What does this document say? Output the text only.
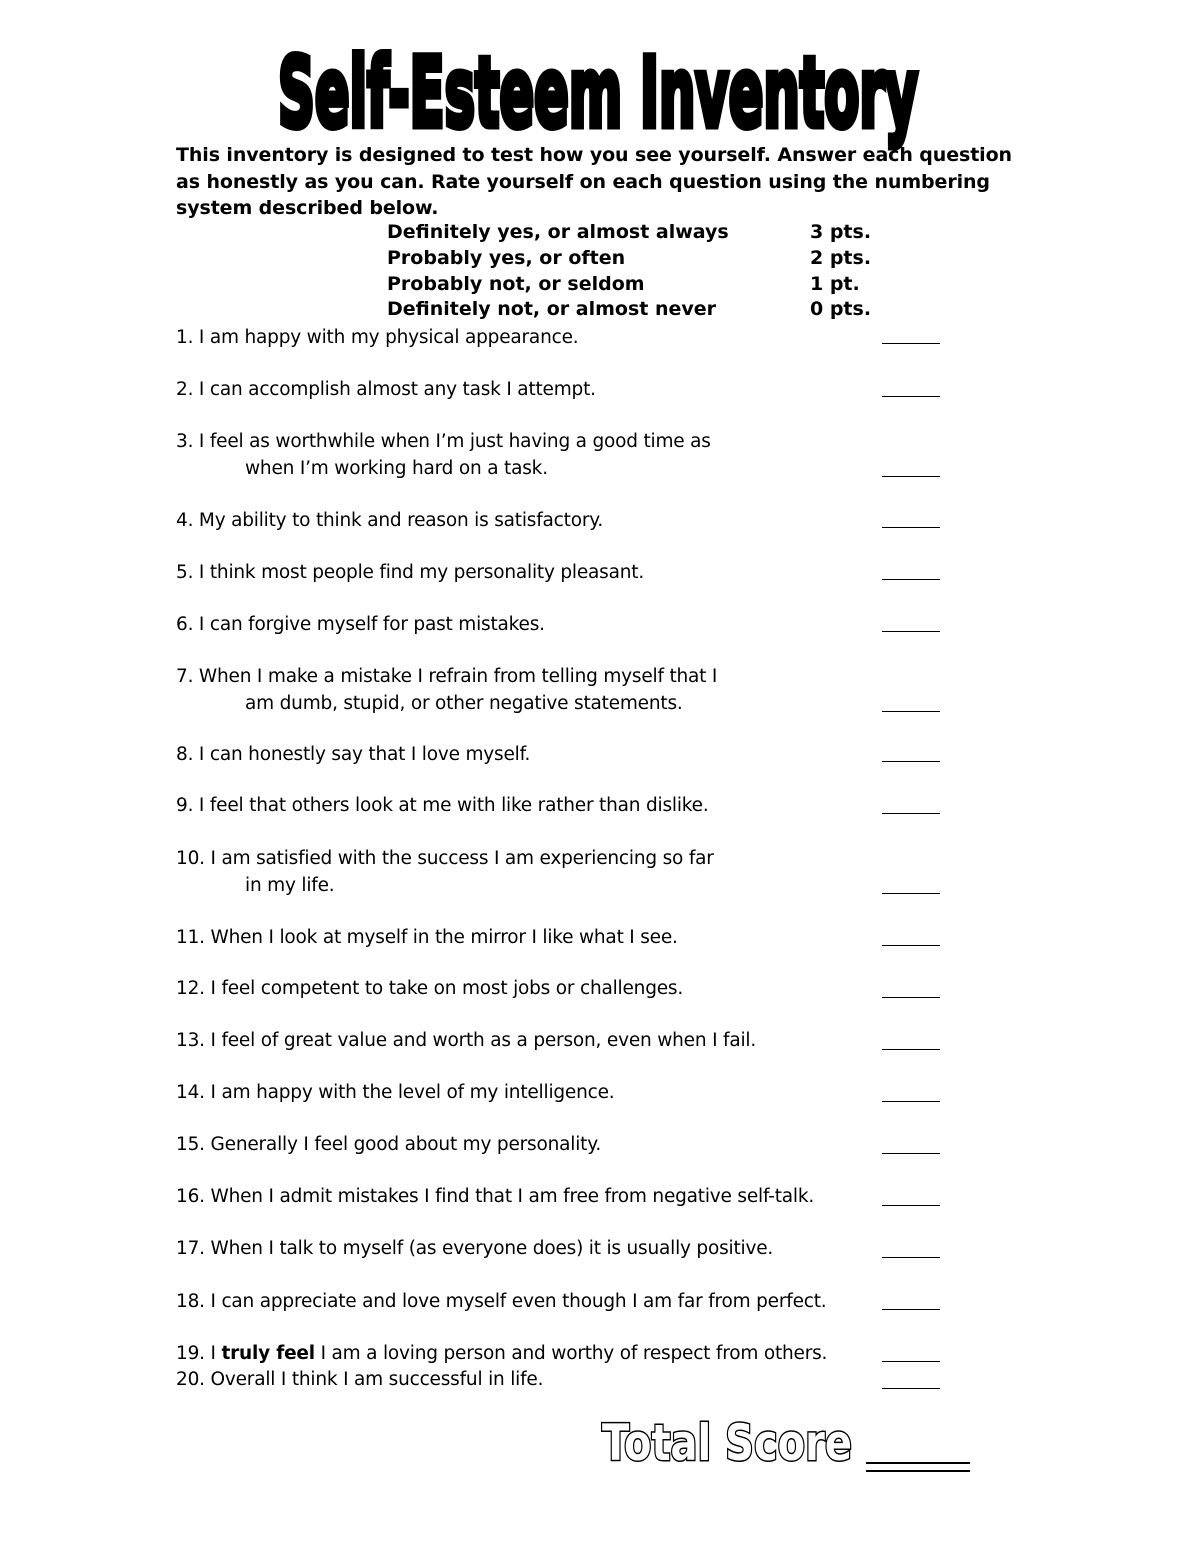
Self-Esteem Inventory
This inventory is designed to test how you see yourself. Answer each question as honestly as you can. Rate yourself on each question using the numbering system described below.
Definitely yes, or almost always	3 pts.
Probably yes, or often	2 pts.
Probably not, or seldom	1 pt.
Definitely not, or almost never	0 pts.
1. I am happy with my physical appearance.
2. I can accomplish almost any task I attempt.
3. I feel as worthwhile when I’m just having a good time as
when I’m working hard on a task.
4. My ability to think and reason is satisfactory.
5. I think most people find my personality pleasant.
6. I can forgive myself for past mistakes.
7. When I make a mistake I refrain from telling myself that I
am dumb, stupid, or other negative statements.
8. I can honestly say that I love myself.
9. I feel that others look at me with like rather than dislike.
10. I am satisfied with the success I am experiencing so far
in my life.
11. When I look at myself in the mirror I like what I see.
12. I feel competent to take on most jobs or challenges.
13. I feel of great value and worth as a person, even when I fail.
14. I am happy with the level of my intelligence.
15. Generally I feel good about my personality.
16. When I admit mistakes I find that I am free from negative self-talk.
17. When I talk to myself (as everyone does) it is usually positive.
18. I can appreciate and love myself even though I am far from perfect.
19. I truly feel I am a loving person and worthy of respect from others.
20. Overall I think I am successful in life.
Total Score
